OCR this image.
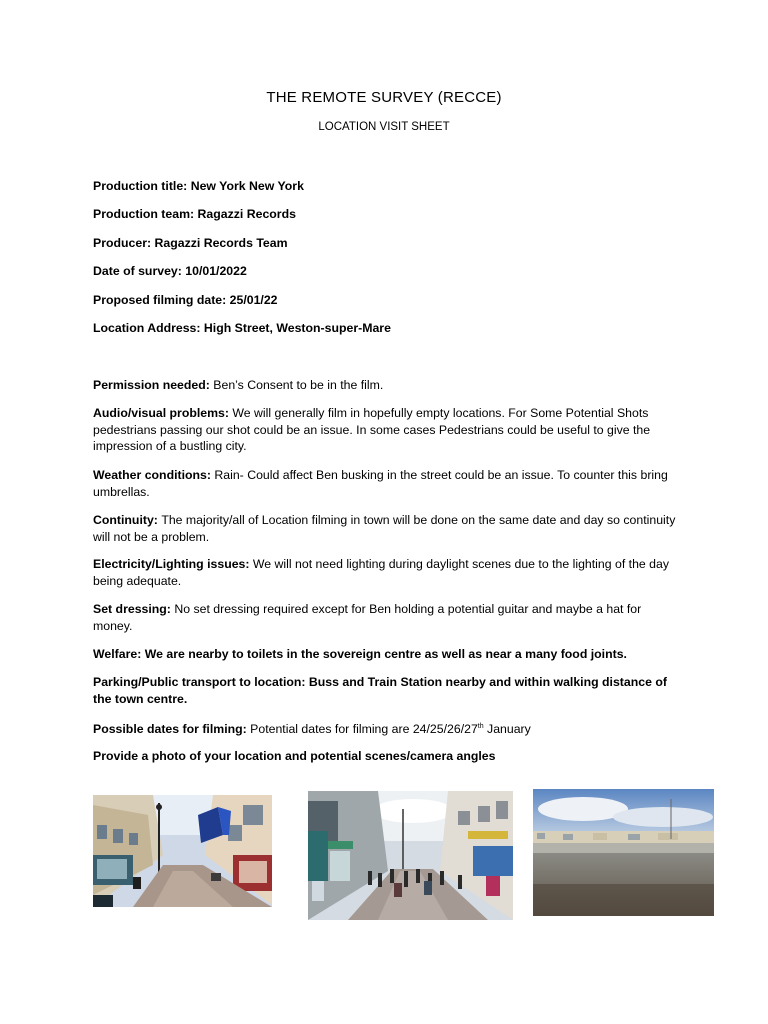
THE REMOTE SURVEY (RECCE)
LOCATION VISIT SHEET
Production title: New York New York
Production team: Ragazzi Records
Producer: Ragazzi Records Team
Date of survey: 10/01/2022
Proposed filming date: 25/01/22
Location Address: High Street, Weston-super-Mare
Permission needed: Ben’s Consent to be in the film.
Audio/visual problems: We will generally film in hopefully empty locations. For Some Potential Shots pedestrians passing our shot could be an issue. In some cases Pedestrians could be useful to give the impression of a bustling city.
Weather conditions: Rain- Could affect Ben busking in the street could be an issue. To counter this bring umbrellas.
Continuity: The majority/all of Location filming in town will be done on the same date and day so continuity will not be a problem.
Electricity/Lighting issues: We will not need lighting during daylight scenes due to the lighting of the day being adequate.
Set dressing: No set dressing required except for Ben holding a potential guitar and maybe a hat for money.
Welfare: We are nearby to toilets in the sovereign centre as well as near a many food joints.
Parking/Public transport to location: Buss and Train Station nearby and within walking distance of the town centre.
Possible dates for filming: Potential dates for filming are 24/25/26/27th January
Provide a photo of your location and potential scenes/camera angles
